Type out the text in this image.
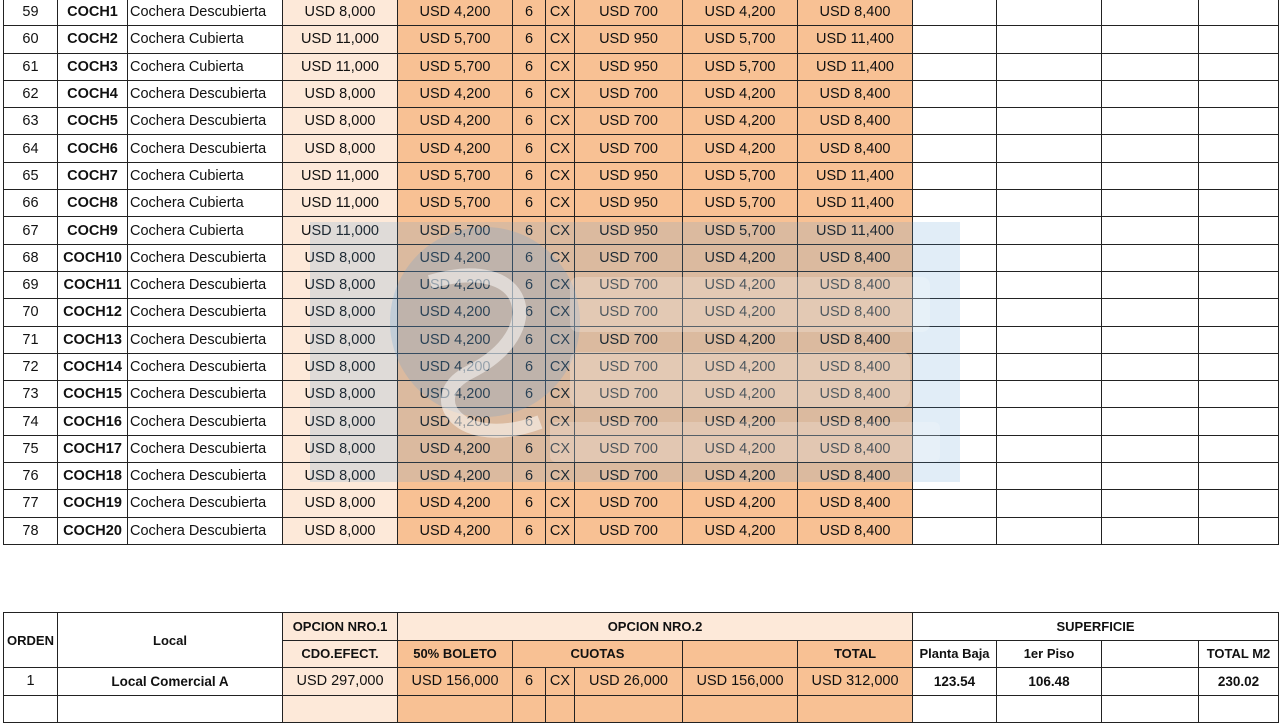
59	COCH1	Cochera Descubierta	USD 8,000	USD 4,200	6	CX	USD 700	USD 4,200	USD 8,400				
60	COCH2	Cochera Cubierta	USD 11,000	USD 5,700	6	CX	USD 950	USD 5,700	USD 11,400				
61	COCH3	Cochera Cubierta	USD 11,000	USD 5,700	6	CX	USD 950	USD 5,700	USD 11,400				
62	COCH4	Cochera Descubierta	USD 8,000	USD 4,200	6	CX	USD 700	USD 4,200	USD 8,400				
63	COCH5	Cochera Descubierta	USD 8,000	USD 4,200	6	CX	USD 700	USD 4,200	USD 8,400				
64	COCH6	Cochera Descubierta	USD 8,000	USD 4,200	6	CX	USD 700	USD 4,200	USD 8,400				
65	COCH7	Cochera Cubierta	USD 11,000	USD 5,700	6	CX	USD 950	USD 5,700	USD 11,400				
66	COCH8	Cochera Cubierta	USD 11,000	USD 5,700	6	CX	USD 950	USD 5,700	USD 11,400				
67	COCH9	Cochera Cubierta	USD 11,000	USD 5,700	6	CX	USD 950	USD 5,700	USD 11,400				
68	COCH10	Cochera Descubierta	USD 8,000	USD 4,200	6	CX	USD 700	USD 4,200	USD 8,400				
69	COCH11	Cochera Descubierta	USD 8,000	USD 4,200	6	CX	USD 700	USD 4,200	USD 8,400				
70	COCH12	Cochera Descubierta	USD 8,000	USD 4,200	6	CX	USD 700	USD 4,200	USD 8,400				
71	COCH13	Cochera Descubierta	USD 8,000	USD 4,200	6	CX	USD 700	USD 4,200	USD 8,400				
72	COCH14	Cochera Descubierta	USD 8,000	USD 4,200	6	CX	USD 700	USD 4,200	USD 8,400				
73	COCH15	Cochera Descubierta	USD 8,000	USD 4,200	6	CX	USD 700	USD 4,200	USD 8,400				
74	COCH16	Cochera Descubierta	USD 8,000	USD 4,200	6	CX	USD 700	USD 4,200	USD 8,400				
75	COCH17	Cochera Descubierta	USD 8,000	USD 4,200	6	CX	USD 700	USD 4,200	USD 8,400				
76	COCH18	Cochera Descubierta	USD 8,000	USD 4,200	6	CX	USD 700	USD 4,200	USD 8,400				
77	COCH19	Cochera Descubierta	USD 8,000	USD 4,200	6	CX	USD 700	USD 4,200	USD 8,400				
78	COCH20	Cochera Descubierta	USD 8,000	USD 4,200	6	CX	USD 700	USD 4,200	USD 8,400				
ORDEN	Local	OPCION NRO.1	OPCION NRO.2						SUPERFICIE			
		CDO.EFECT.	50% BOLETO	CUOTAS				TOTAL	Planta Baja	1er Piso		TOTAL M2
1	Local Comercial A	USD 297,000	USD 156,000	6	CX	USD 26,000	USD 156,000	USD 312,000	123.54	106.48		230.02
